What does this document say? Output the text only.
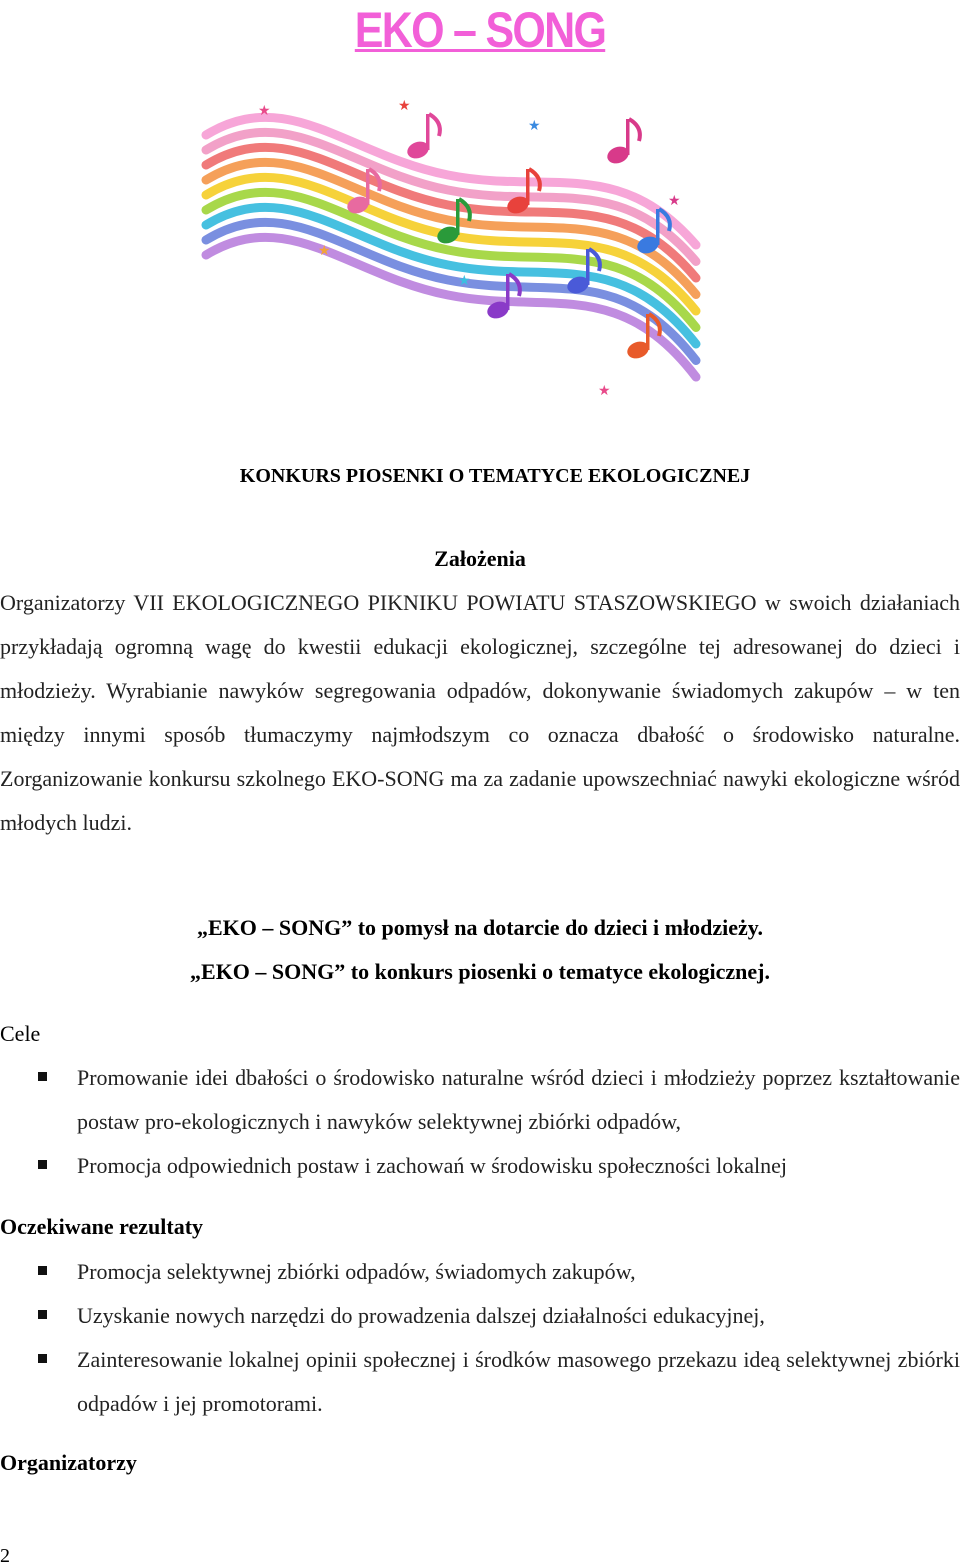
EKO – SONG
★	★
★
★
★
★
★
KONKURS PIOSENKI O TEMATYCE EKOLOGICZNEJ
Założenia

Organizatorzy VII EKOLOGICZNEGO PIKNIKU POWIATU STASZOWSKIEGO w swoich działaniach przykładają ogromną wagę do kwestii edukacji ekologicznej, szczególne tej adresowanej do dzieci i młodzieży. Wyrabianie nawyków segregowania odpadów, dokonywanie świadomych zakupów – w ten między innymi sposób tłumaczymy najmłodszym co oznacza dbałość o środowisko naturalne. Zorganizowanie konkursu szkolnego EKO-SONG ma za zadanie upowszechniać nawyki ekologiczne wśród młodych ludzi.

„EKO – SONG” to pomysł na dotarcie do dzieci i młodzieży.
„EKO – SONG” to konkurs piosenki o tematyce ekologicznej.
Cele
Promowanie idei dbałości o środowisko naturalne wśród dzieci i młodzieży poprzez kształtowanie postaw pro-ekologicznych i nawyków selektywnej zbiórki odpadów,
Promocja odpowiednich postaw i zachowań w środowisku społeczności lokalnej
Oczekiwane rezultaty
Promocja selektywnej zbiórki odpadów, świadomych zakupów,
Uzyskanie nowych narzędzi do prowadzenia dalszej działalności edukacyjnej,
Zainteresowanie lokalnej opinii społecznej i środków masowego przekazu ideą selektywnej zbiórki odpadów i jej promotorami.
Organizatorzy
2
